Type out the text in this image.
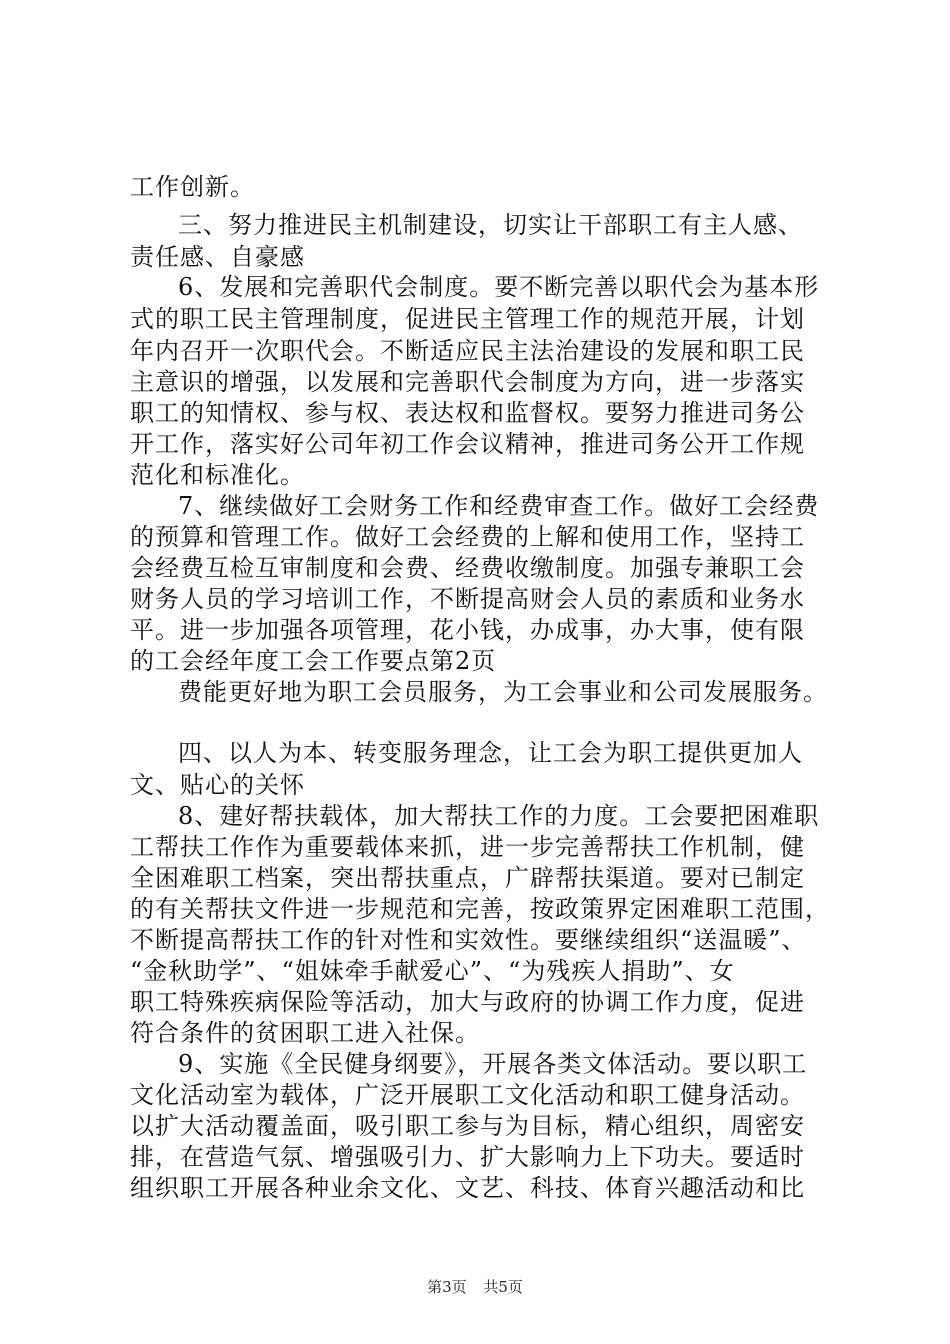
工作创新。
三、努力推进民主机制建设，切实让干部职工有主人感、
责任感、自豪感
6、发展和完善职代会制度。要不断完善以职代会为基本形
式的职工民主管理制度，促进民主管理工作的规范开展，计划
年内召开一次职代会。不断适应民主法治建设的发展和职工民
主意识的增强，以发展和完善职代会制度为方向，进一步落实
职工的知情权、参与权、表达权和监督权。要努力推进司务公
开工作，落实好公司年初工作会议精神，推进司务公开工作规
范化和标准化。
7、继续做好工会财务工作和经费审查工作。做好工会经费
的预算和管理工作。做好工会经费的上解和使用工作，坚持工
会经费互检互审制度和会费、经费收缴制度。加强专兼职工会
财务人员的学习培训工作，不断提高财会人员的素质和业务水
平。进一步加强各项管理，花小钱，办成事，办大事，使有限
的工会经年度工会工作要点第2页
费能更好地为职工会员服务，为工会事业和公司发展服务。
四、以人为本、转变服务理念，让工会为职工提供更加人
文、贴心的关怀
8、建好帮扶载体，加大帮扶工作的力度。工会要把困难职
工帮扶工作作为重要载体来抓，进一步完善帮扶工作机制，健
全困难职工档案，突出帮扶重点，广辟帮扶渠道。要对已制定
的有关帮扶文件进一步规范和完善，按政策界定困难职工范围，
不断提高帮扶工作的针对性和实效性。要继续组织“送温暖”、
“金秋助学”、“姐妹牵手献爱心”、“为残疾人捐助”、女
职工特殊疾病保险等活动，加大与政府的协调工作力度，促进
符合条件的贫困职工进入社保。
9、实施《全民健身纲要》，开展各类文体活动。要以职工
文化活动室为载体，广泛开展职工文化活动和职工健身活动。
以扩大活动覆盖面，吸引职工参与为目标，精心组织，周密安
排，在营造气氛、增强吸引力、扩大影响力上下功夫。要适时
组织职工开展各种业余文化、文艺、科技、体育兴趣活动和比
第3页 共5页
